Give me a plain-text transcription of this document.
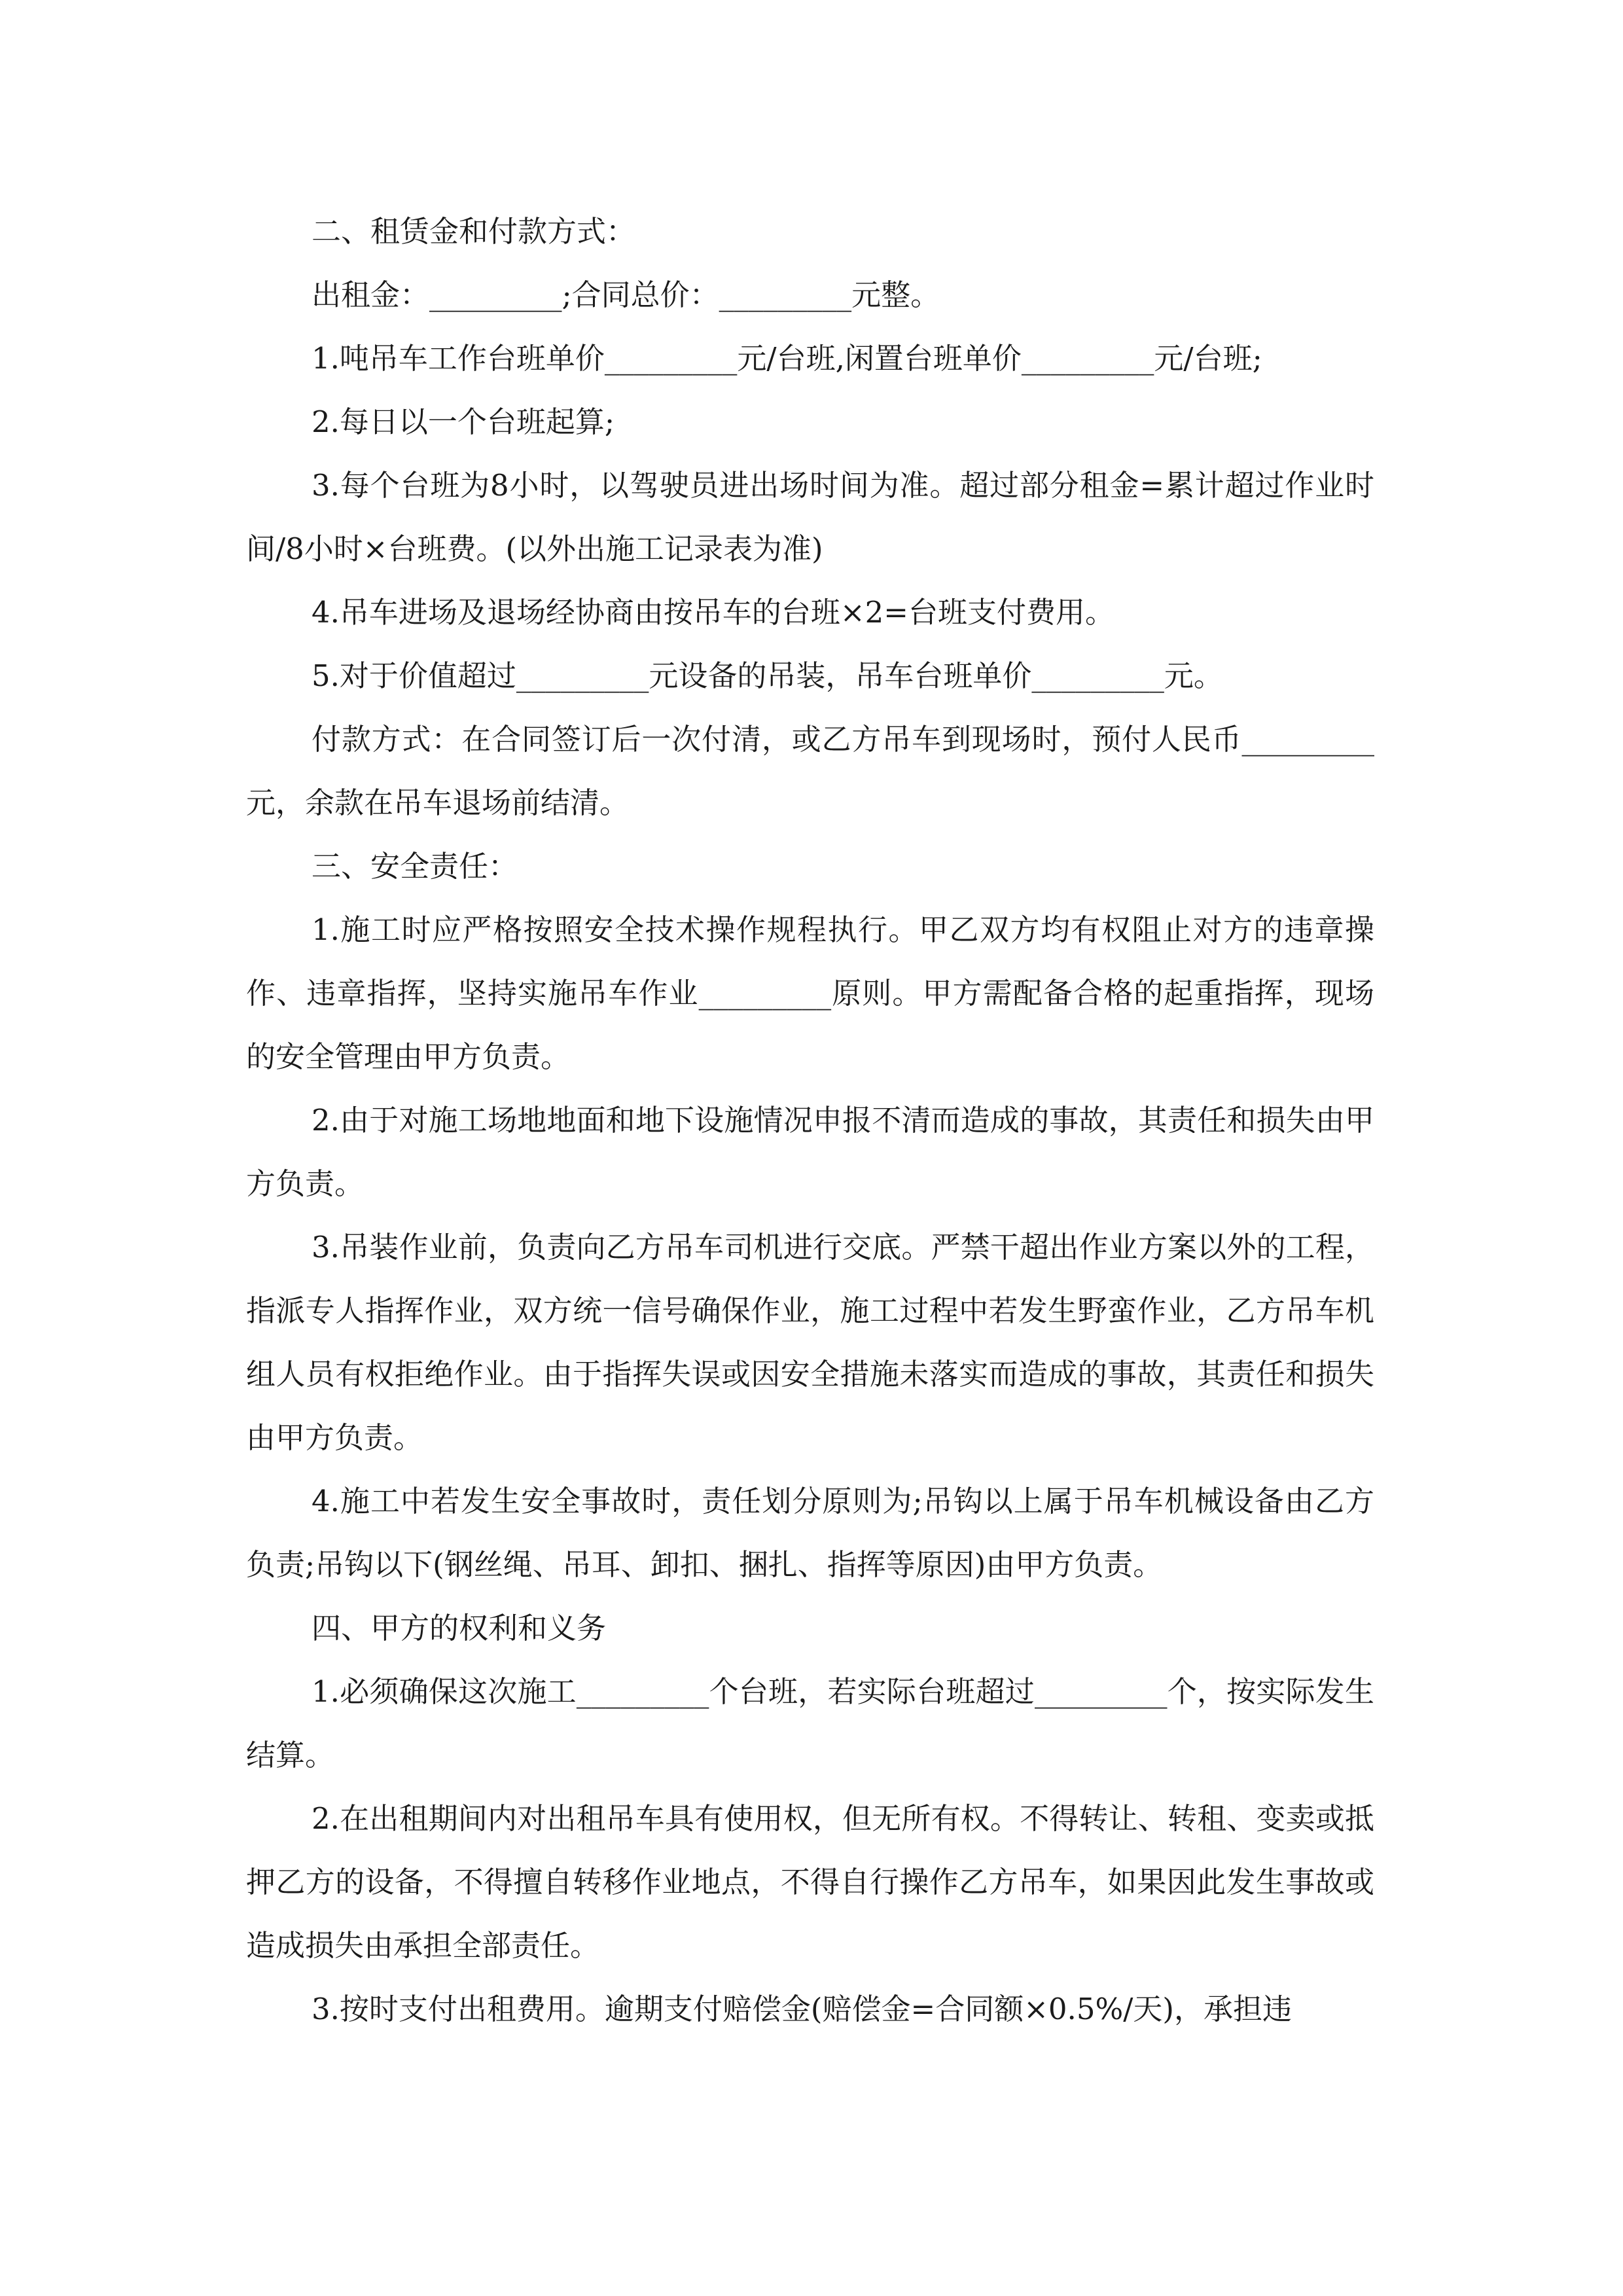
二、租赁金和付款方式：

出租金：_________;合同总价：_________元整。

1.吨吊车工作台班单价_________元/台班,闲置台班单价_________元/台班;

2.每日以一个台班起算;

3.每个台班为8小时，以驾驶员进出场时间为准。超过部分租金=累计超过作业时间/8小时×台班费。(以外出施工记录表为准)

4.吊车进场及退场经协商由按吊车的台班×2=台班支付费用。

5.对于价值超过_________元设备的吊装，吊车台班单价_________元。

付款方式：在合同签订后一次付清，或乙方吊车到现场时，预付人民币_________元，余款在吊车退场前结清。

三、安全责任：

1.施工时应严格按照安全技术操作规程执行。甲乙双方均有权阻止对方的违章操作、违章指挥，坚持实施吊车作业_________原则。甲方需配备合格的起重指挥，现场的安全管理由甲方负责。

2.由于对施工场地地面和地下设施情况申报不清而造成的事故，其责任和损失由甲方负责。

3.吊装作业前，负责向乙方吊车司机进行交底。严禁干超出作业方案以外的工程，指派专人指挥作业，双方统一信号确保作业，施工过程中若发生野蛮作业，乙方吊车机组人员有权拒绝作业。由于指挥失误或因安全措施未落实而造成的事故，其责任和损失由甲方负责。

4.施工中若发生安全事故时，责任划分原则为;吊钩以上属于吊车机械设备由乙方负责;吊钩以下(钢丝绳、吊耳、卸扣、捆扎、指挥等原因)由甲方负责。

四、甲方的权利和义务

1.必须确保这次施工_________个台班，若实际台班超过_________个，按实际发生结算。

2.在出租期间内对出租吊车具有使用权，但无所有权。不得转让、转租、变卖或抵押乙方的设备，不得擅自转移作业地点，不得自行操作乙方吊车，如果因此发生事故或造成损失由承担全部责任。

3.按时支付出租费用。逾期支付赔偿金(赔偿金=合同额×0.5%/天)，承担违
